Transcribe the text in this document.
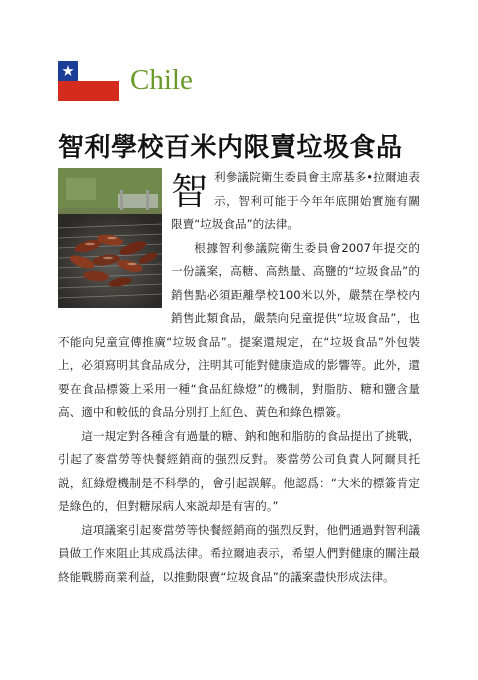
Chile
智利學校百米内限賣垃圾食品
智 利參議院衛生委員會主席基多•拉爾迪表示，智利可能于今年年底開始實施有關限賣“垃圾食品”的法律。

根據智利參議院衛生委員會2007年提交的一份議案，高糖、高熱量、高鹽的“垃圾食品”的銷售點必須距離學校100米以外，嚴禁在學校内銷售此類食品，嚴禁向兒童提供“垃圾食品”，也不能向兒童宣傳推廣“垃圾食品”。提案還規定，在“垃圾食品”外包裝上，必須寫明其食品成分，注明其可能對健康造成的影響等。此外，還要在食品標簽上采用一種“食品紅綠燈”的機制，對脂肪、糖和鹽含量高、適中和較低的食品分別打上紅色、黃色和綠色標簽。

這一規定對各種含有過量的糖、鈉和飽和脂肪的食品提出了挑戰，引起了麥當勞等快餐經銷商的强烈反對。麥當勞公司負責人阿爾貝托説，紅綠燈機制是不科學的，會引起誤解。他認爲：“大米的標簽肯定是綠色的，但對糖尿病人來説却是有害的。”

這項議案引起麥當勞等快餐經銷商的强烈反對，他們通過對智利議員做工作來阻止其成爲法律。希拉爾迪表示，希望人們對健康的關注最終能戰勝商業利益，以推動限賣“垃圾食品”的議案盡快形成法律。
